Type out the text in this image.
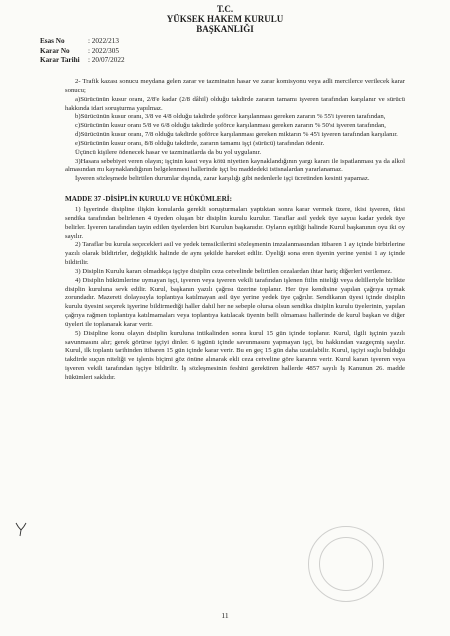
T.C.
YÜKSEK HAKEM KURULU
BAŞKANLIĞI
Esas No	: 2022/213
Karar No	: 2022/305
Karar Tarihi	: 20/07/2022

2- Trafik kazası sonucu meydana gelen zarar ve tazminatın hasar ve zarar komisyonu veya adli mercilerce verilecek karar sonucu;

a)Sürücünün kusur oranı, 2/8'e kadar (2/8 dâhil) olduğu takdirde zararın tamamı işveren tarafından karşılanır ve sürücü hakkında idari soruşturma yapılmaz.

b)Sürücünün kusur oranı, 3/8 ve 4/8 olduğu takdirde şoförce karşılanması gereken zararın % 55'i işveren tarafından,

c)Sürücünün kusur oranı 5/8 ve 6/8 olduğu takdirde şoförce karşılanması gereken zararın % 50'si işveren tarafından,

d)Sürücünün kusur oranı, 7/8 olduğu takdirde şoförce karşılanması gereken miktarın % 45'i işveren tarafından karşılanır.

e)Sürücünün kusur oranı, 8/8 olduğu takdirde, zararın tamamı işçi (sürücü) tarafından ödenir.

Üçüncü kişilere ödenecek hasar ve tazminatlarda da bu yol uygulanır.

3)Hasara sebebiyet veren olayın; işçinin kasıt veya kötü niyetten kaynaklandığının yargı kararı ile ispatlanması ya da alkol almasından mı kaynaklandığının belgelenmesi hallerinde işçi bu maddedeki istisnalardan yararlanamaz.

İşveren sözleşmede belirtilen durumlar dışında, zarar karşılığı gibi nedenlerle işçi ücretinden kesinti yapamaz.

MADDE 37 -DİSİPLİN KURULU VE HÜKÜMLERİ:

1) İşyerinde disipline ilişkin konularda gerekli soruşturmaları yaptıktan sonra karar vermek üzere, ikisi işveren, ikisi sendika tarafından belirlenen 4 üyeden oluşan bir disiplin kurulu kurulur. Taraflar asil yedek üye sayısı kadar yedek üye belirler. İşveren tarafından tayin edilen üyelerden biri Kurulun başkanıdır. Oyların eşitliği halinde Kurul başkanının oyu iki oy sayılır.

2) Taraflar bu kurula seçecekleri asil ve yedek temsilcilerini sözleşmenin imzalanmasından itibaren 1 ay içinde birbirlerine yazılı olarak bildirirler, değişiklik halinde de aynı şekilde hareket edilir. Üyeliği sona eren üyenin yerine yenisi 1 ay içinde bildirilir.

3) Disiplin Kurulu kararı olmadıkça işçiye disiplin ceza cetvelinde belirtilen cezalardan ihtar hariç diğerleri verilemez.

4) Disiplin hükümlerine uymayan işçi, işveren veya işveren vekili tarafından işlenen fiilin niteliği veya delilleriyle birlikte disiplin kuruluna sevk edilir. Kurul, başkanın yazılı çağrısı üzerine toplanır. Her üye kendisine yapılan çağrıya uymak zorundadır. Mazereti dolayısıyla toplantıya katılmayan asil üye yerine yedek üye çağrılır. Sendikanın üyesi içinde disiplin kurulu üyesini seçerek işyerine bildirmediği haller dahil her ne sebeple olursa olsun sendika disiplin kurulu üyelerinin, yapılan çağrıya rağmen toplantıya katılmamaları veya toplantıya katılacak üyenin belli olmaması hallerinde de kurul başkan ve diğer üyeleri ile toplanarak karar verir.

5) Disipline konu olayın disiplin kuruluna intikalinden sonra kurul 15 gün içinde toplanır. Kurul, ilgili işçinin yazılı savunmasını alır; gerek görürse işçiyi dinler. 6 işgünü içinde savunmasını yapmayan işçi, bu hakkından vazgeçmiş sayılır. Kurul, ilk toplantı tarihinden itibaren 15 gün içinde karar verir. Bu en geç 15 gün daha uzatılabilir. Kurul, işçiyi suçlu bulduğu takdirde suçun niteliği ve işlenis biçimi göz önüne alınarak ekli ceza cetveline göre kararını verir. Kurul kararı işveren veya işveren vekili tarafından işçiye bildirilir. İş sözleşmesinin feshini gerektiren hallerde 4857 sayılı İş Kanunun 26. madde hükümleri saklıdır.

11
